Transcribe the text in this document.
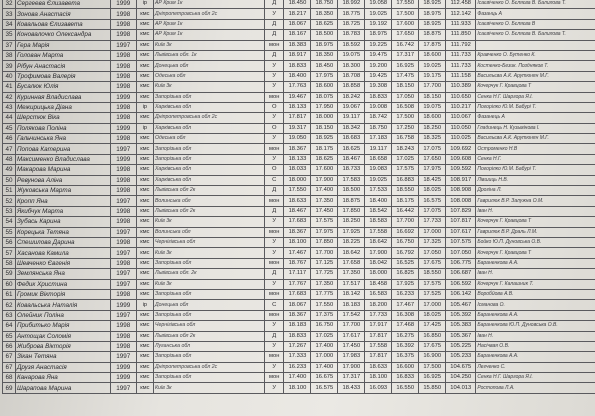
32	Сергеева Єлизавета	1999	ір	АР Крим 1к	Д	18.450	18.750	18.992	19.058	17.550	18.925	112.458	Ісаєвіченко О. Бєляєва В. Балилова Т.
33	Зонова Анастасія	1998	кмс	Дніпропетровська обл 2с	У	18.217	18.350	18.775	19.025	17.500	18.975	112.142	Фазанць А
34	Ковальова Єлизавета	1998	кмс	АР Крим 1к	Д	18.067	18.625	18.725	19.192	17.600	18.925	111.933	Ісаєвіченко О. Бєляєва В
35	Коновалочко Олександра	1998	кмс	АР Крим 1к	Д	18.167	18.500	18.783	18.975	17.650	18.875	111.850	Ісаєвіченко О. Бєляєва В. Балилова Т.
37	Гера Марія	1997	кмс	Київ 3к	мон	18.383	18.975	18.592	19.225	16.742	17.875	111.792	
38	Голован Марта	1998	кмс	Львівська обл. 1к	Д	18.917	18.350	19.075	19.475	17.317	18.600	111.733	Кравченко О. Бутенко К.
39	Рібун Анастасія	1998	кмс	Донецька обл	У	18.833	18.450	18.300	19.200	16.925	19.025	111.733	Костенко-Безик. Поздняков Т.
40	Трофимова Валерія	1998	кмс	Одеська обл	У	18.400	17.975	18.708	19.425	17.475	19.175	111.158	Васильєва А.К. Арутюнян М.Г.
41	Бусалюк Юлія	1998	кмс	Київ 3к	У	17.763	18.600	18.858	19.308	18.150	17.700	110.389	Кочерчук Г. Кравцова Т
42	Куринная Владислава	1999	кмс	Запорізька обл	мон	19.467	18.075	18.242	18.833	17.050	18.150	110.650	Сенка Н.Г. Шаргора Я.І.
43	Межирицька Діана	1998	ір	Харківська обл	О	18.133	17.950	19.067	19.008	16.508	19.075	110.217	Погорілко Ю.М. Бабурі Т.
44	Шерстюк Віка	1998	кмс	Дніпропетровська обл 2с	У	17.817	18.000	19.117	18.742	17.500	18.600	110.067	Фазанець А
45	Полякова Поліна	1999	ір	Харківська обл	О	19.317	18.150	18.342	18.750	17.250	18.250	110.050	Гладинець Н. Кузьмінова І.
46	Гальчинська Яна	1998	кмс	Одеська обл	У	19.050	18.925	18.683	17.183	16.758	18.325	110.025	Васильєва А.К. Арутюнян М.Г.
47	Попова Катерина	1997	кмс	Запорізька обл	мон	18.367	18.175	18.625	19.117	18.243	17.075	109.692	Остроменко Н.В
48	Максименко Владислава	1999	кмс	Запорізька обл	У	18.133	18.625	18.467	18.658	17.025	17.650	109.608	Сенка Н.Г.
49	Макарова Марина	1998	кмс	Харківська обл	О	18.033	17.600	18.733	19.083	17.575	17.975	109.592	Погорілко Ю.М. Бабурі Т.
50	Ревунова Аліна	1998	кмс	Харківська обл	С	18.000	17.900	17.583	19.025	16.883	18.425	108.917	Лівшиць Н.В.
51	Жуковська Марта	1998	кмс	Львівська обл 2к	Д	17.550	17.400	18.500	17.533	18.550	18.025	108.908	Дрогіна Л.
52	Кропп Яна	1997	кмс	Волинська обл	мон	18.633	17.350	18.875	18.400	18.175	16.575	108.008	Гаврилюк В.Р. Залужна О.М.
53	Якибчук Марта	1998	кмс	Львівська обл 2к	Д	18.467	17.450	17.850	18.542	16.442	17.075	107.829	Іван Н.
54	Зубась Карина	1998	кмс	Київ 3к	У	17.683	17.575	18.250	18.583	17.700	17.733	107.817	Кочерчук Г. Кравцова Т
55	Корецька Тетяна	1997	кмс	Волинська обл	мон	18.367	17.975	17.925	17.558	16.692	17.000	107.617	Гаврилюк В.Р. Драль Л.М.
56	Спешилова Дарина	1998	кмс	Чернігівська обл	У	18.100	17.850	18.225	18.642	16.750	17.325	107.575	Бойко Ю.П. Дуновська О.В.
57	Хасанова Камила	1997	кмс	Київ 3к	У	17.467	17.700	18.642	17.900	16.792	17.050	107.050	Кочерчук Г. Кравцова Т
58	Шевченко Євгенія	1998	кмс	Запорізька обл	мон	18.767	17.125	17.658	18.042	16.525	17.675	106.775	Бараненкова А.А.
59	Землянська Яна	1997	кмс	Львівська обл. 2к	Д	17.117	17.725	17.350	18.000	16.825	18.550	106.687	Іван Н.
60	Федик Христина	1997	кмс	Київ 3к	У	17.767	17.350	17.517	18.458	17.925	17.575	106.592	Кочерчук Г. Калашник Т.
61	Громик Вікторія	1998	кмс	Запорізька обл	мон	17.683	17.775	18.142	16.583	16.233	17.525	106.142	Воробйова А.В.
62	Ковальська Наталія	1999	ір	Донецька обл	С	18.067	17.550	18.183	18.200	17.467	17.000	105.467	Ісманова О.
63	Олейник Поліна	1997	кмс	Запорізька обл	мон	18.367	17.375	17.542	17.733	16.308	18.025	105.392	Бараненкова А.А.
64	Прибитько Марія	1998	кмс	Чернігівська обл	У	18.183	16.750	17.700	17.917	17.468	17.425	105.383	Бараненкова Ю.П. Дуновська О.В.
65	Антощак Соломія	1998	кмс	Львівська обл 2к	Д	18.833	17.025	17.617	17.817	16.275	16.850	105.367	Іван Н.
66	Жиброва Вікторія	1998	кмс	Луганська обл	У	17.267	17.400	17.450	17.558	16.392	17.675	105.225	Насічвая О.В.
67	Зікан Тетяна	1997	кмс	Запорізька обл	мон	17.333	17.000	17.983	17.817	16.375	16.900	105.233	Бараненкова А.А.
67	Друзя Анастасія	1999	кмс	Дніпропетровська обл 2с	У	16.233	17.400	17.900	18.633	16.600	17.500	104.675	Легченко С.
68	Канарова Яна	1999	кмс	Запорізька обл	мон	17.400	16.675	17.317	18.100	16.833	16.925	104.250	Сенка Н.Г. Шаргора Я.І.
69	Шарапова Марина	1997	кмс	Київ 3к	У	18.100	16.575	18.433	16.093	16.550	15.850	104.013	Ростопова Л.А.
